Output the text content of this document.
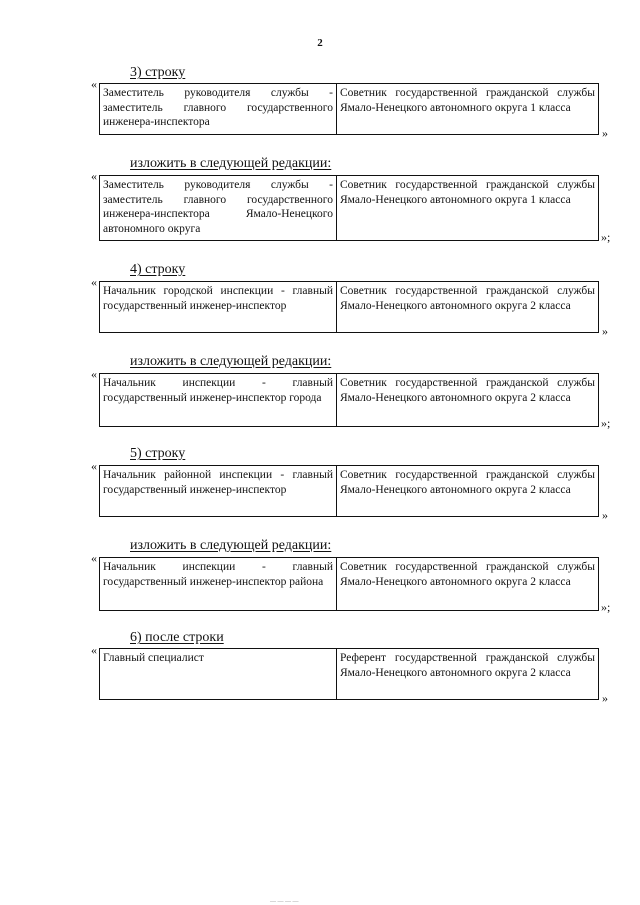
2
3) строку
«
Заместитель руководителя службы - заместитель главного государственного инженера-инспектора
Советник государственной гражданской службы Ямало-Ненецкого автономного округа 1 класса
»
изложить в следующей редакции:
«
Заместитель руководителя службы - заместитель главного государственного инженера-инспектора Ямало-Ненецкого автономного округа
Советник государственной гражданской службы Ямало-Ненецкого автономного округа 1 класса
»;
4) строку
«
Начальник городской инспекции - главный государственный инженер-инспектор
Советник государственной гражданской службы Ямало-Ненецкого автономного округа 2 класса
»
изложить в следующей редакции:
«
Начальник инспекции - главный государственный инженер-инспектор города
Советник государственной гражданской службы Ямало-Ненецкого автономного округа 2 класса
»;
5) строку
«
Начальник районной инспекции - главный государственный инженер-инспектор
Советник государственной гражданской службы Ямало-Ненецкого автономного округа 2 класса
»
изложить в следующей редакции:
«
Начальник инспекции - главный государственный инженер-инспектор района
Советник государственной гражданской службы Ямало-Ненецкого автономного округа 2 класса
»;
6) после строки
«
Главный специалист	Референт государственной гражданской службы Ямало-Ненецкого автономного округа 2 класса
»
— — — —
